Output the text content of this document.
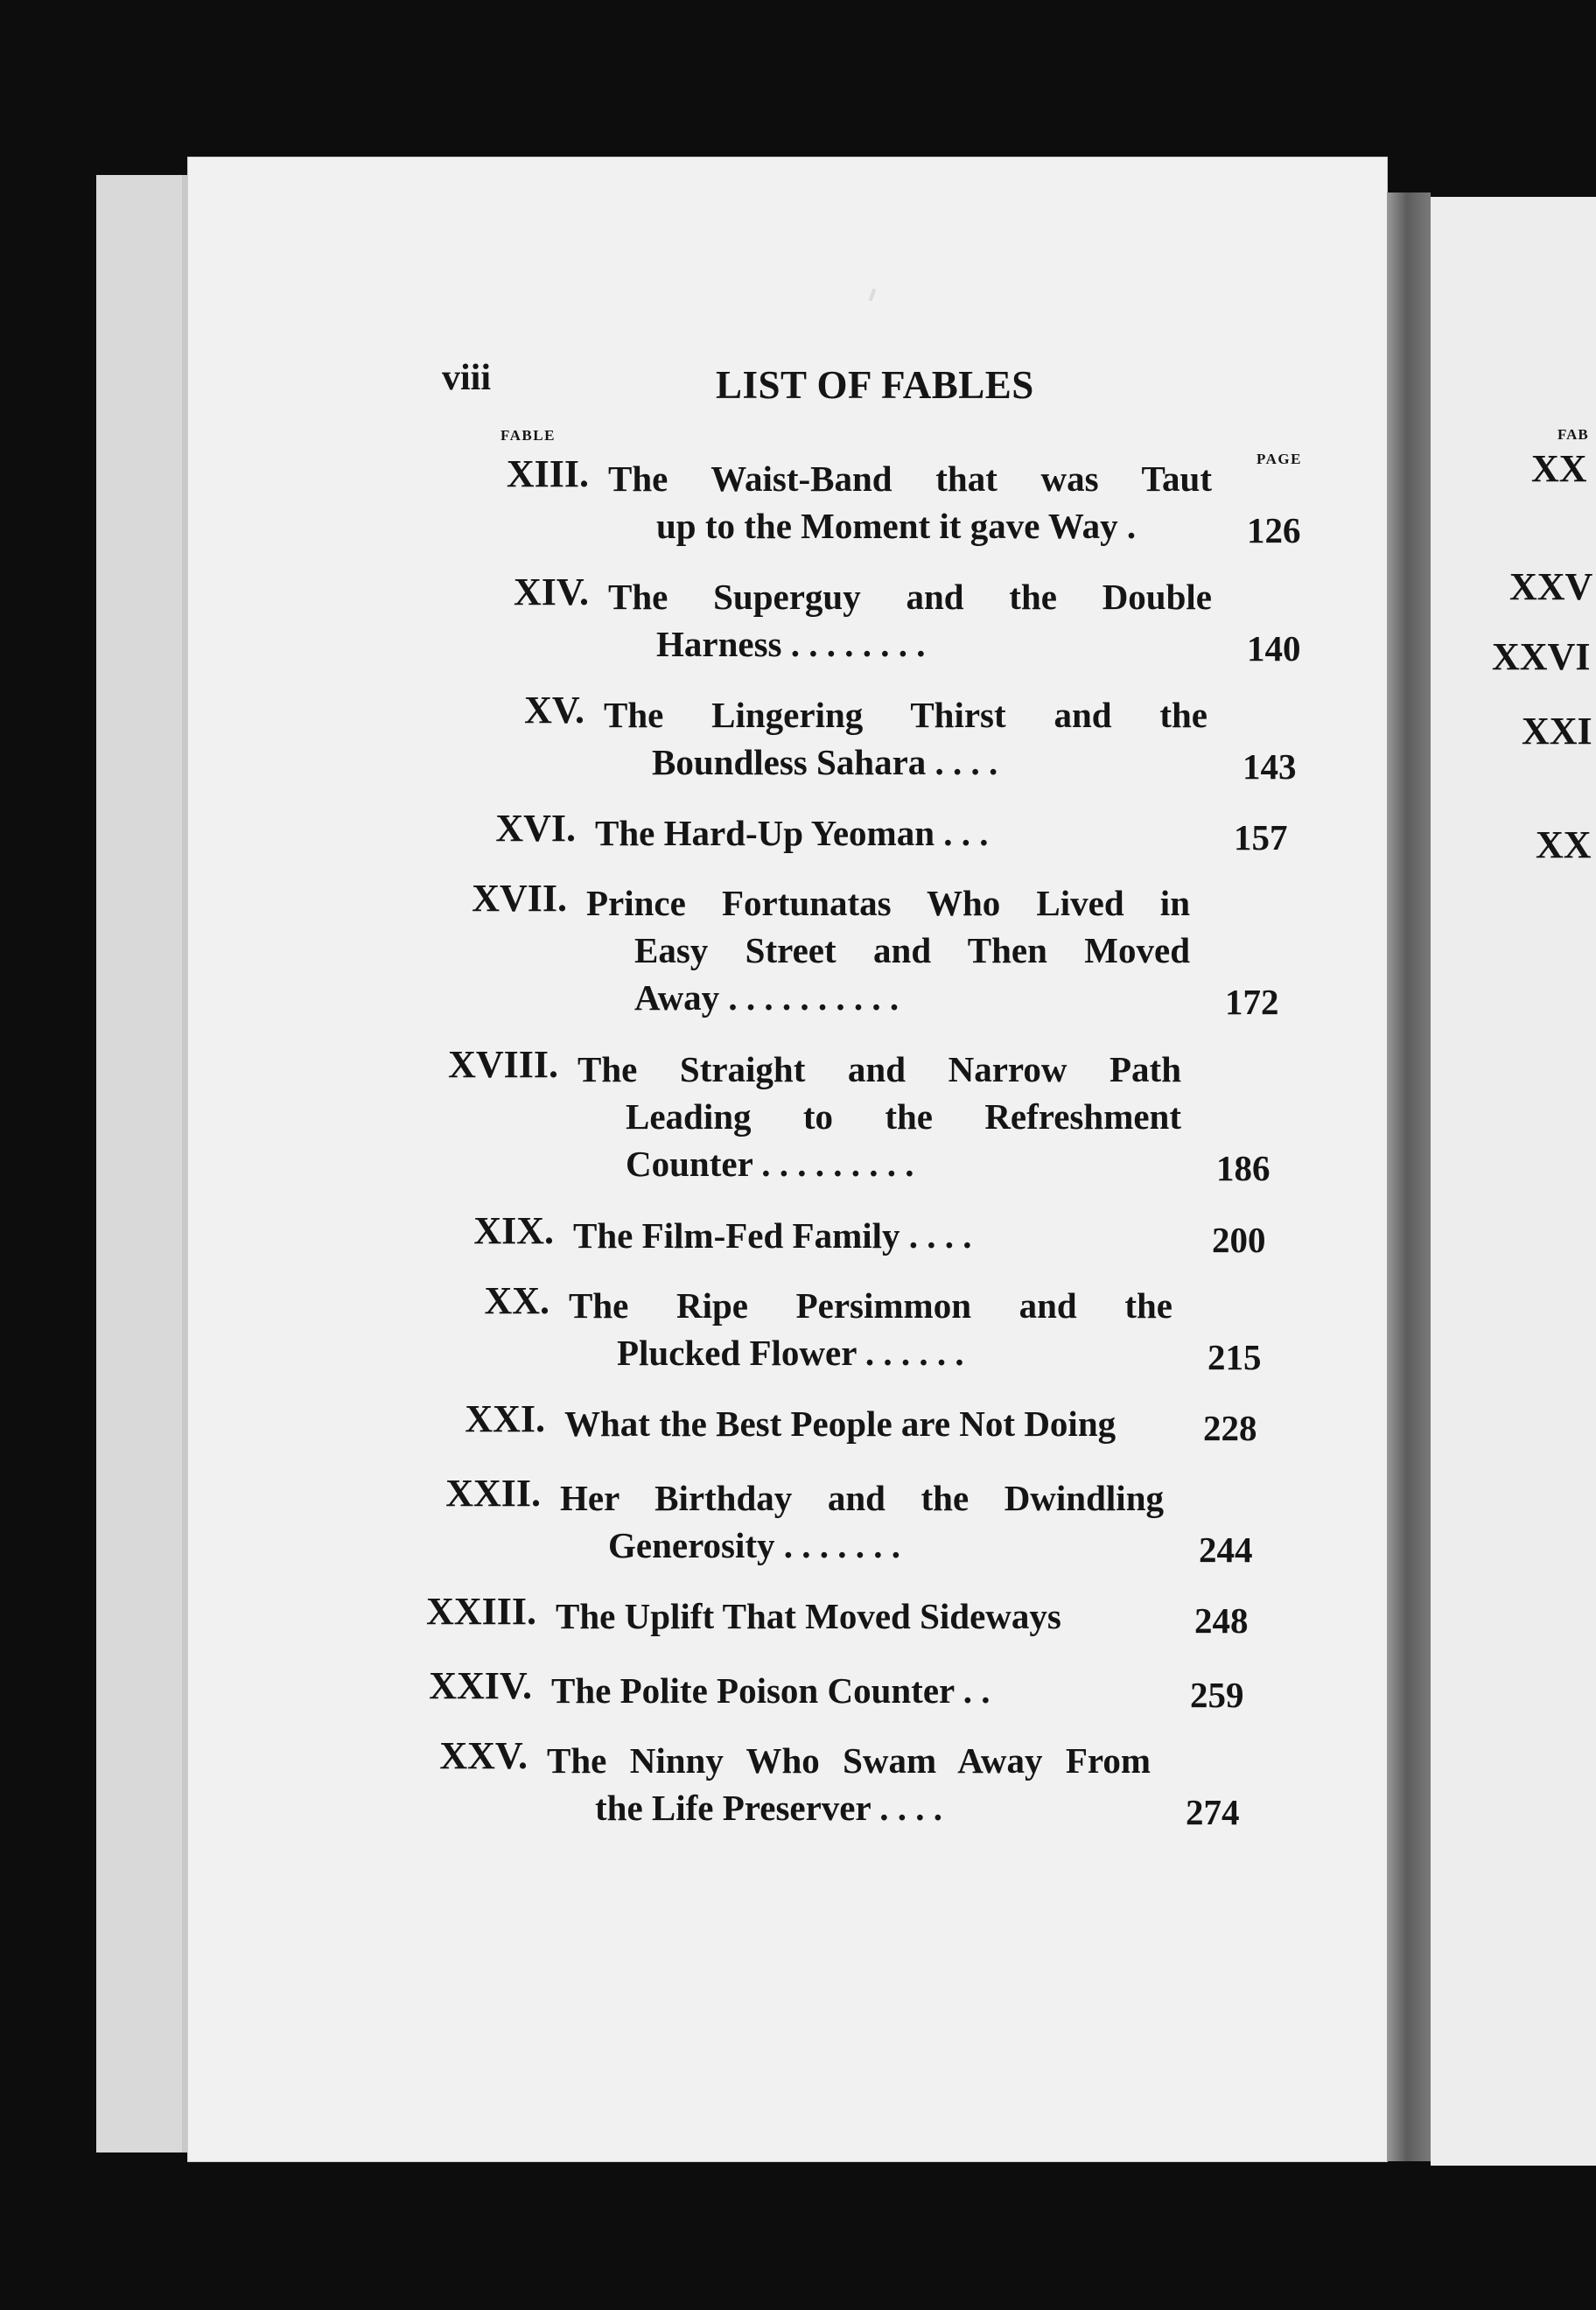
FAB
XX
XXV
XXVI
XXI
XX
viii	LIST OF FABLES
FABLE
PAGE
XIII. The Waist-Band that was Taut
up to the Moment it gave Way .	126
XIV. The Superguy and the Double
Harness . . . . . . . .	140
XV. The Lingering Thirst and the
Boundless Sahara . . . .	143
XVI. The Hard-Up Yeoman . . .	157
XVII. Prince Fortunatas Who Lived in
Easy Street and Then Moved
Away . . . . . . . . . .	172
XVIII. The Straight and Narrow Path
Leading to the Refreshment
Counter . . . . . . . . .	186
XIX. The Film-Fed Family . . . .	200
XX. The Ripe Persimmon and the
Plucked Flower . . . . . .	215
XXI. What the Best People are Not Doing	228
XXII. Her Birthday and the Dwindling
Generosity . . . . . . .	244
XXIII. The Uplift That Moved Sideways	248
XXIV. The Polite Poison Counter . .	259
XXV. The Ninny Who Swam Away From
the Life Preserver . . . .	274
